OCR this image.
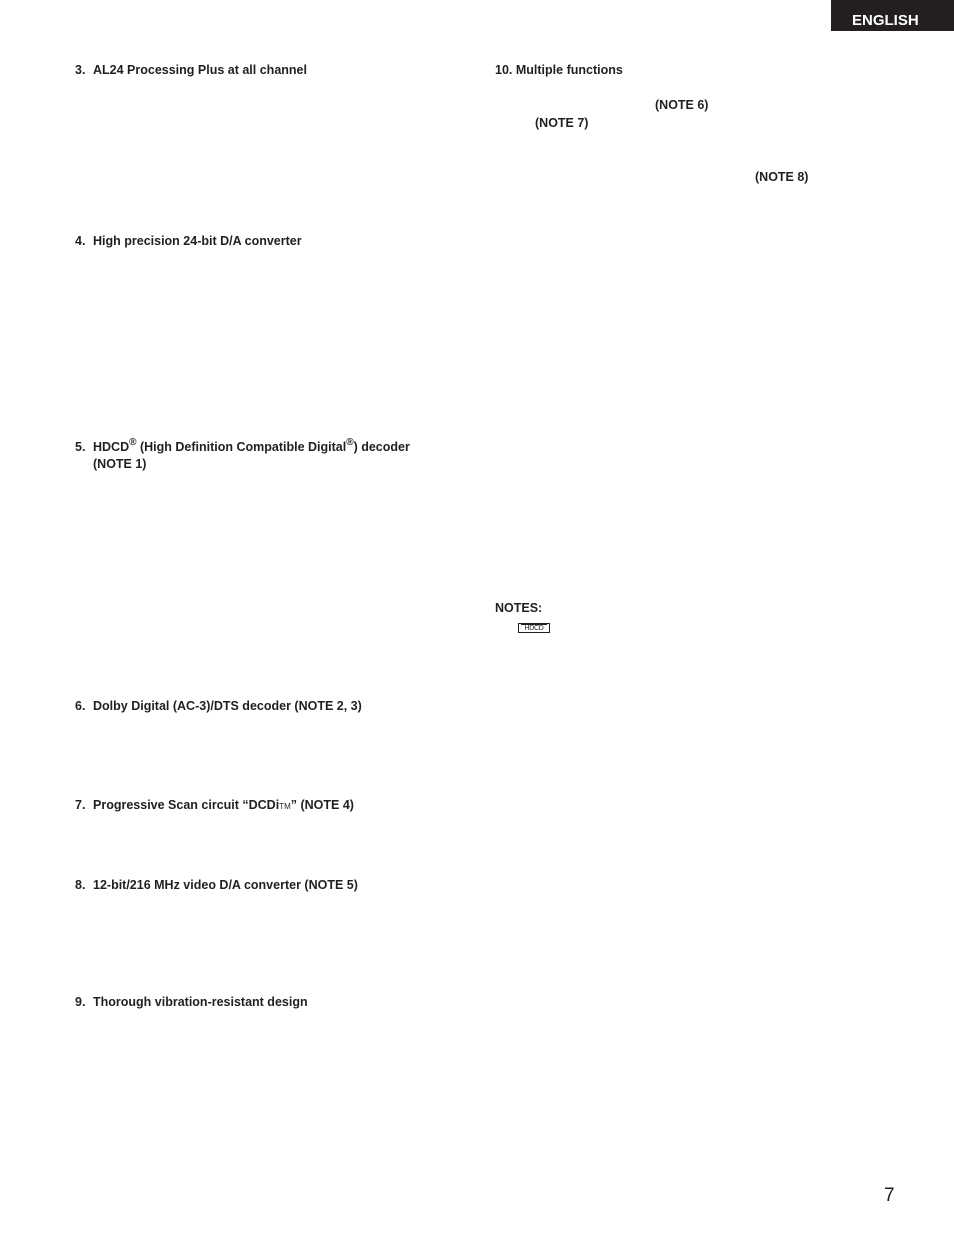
ENGLISH
3. AL24 Processing Plus at all channel
4. High precision 24-bit D/A converter
5. HDCD® (High Definition Compatible Digital®) decoder
(NOTE 1)
6. Dolby Digital (AC-3)/DTS decoder (NOTE 2, 3)
7. Progressive Scan circuit “DCDiTM” (NOTE 4)
8. 12-bit/216 MHz video D/A converter (NOTE 5)
9. Thorough vibration-resistant design
10. Multiple functions
(NOTE 6)
(NOTE 7)
(NOTE 8)
NOTES:
HDCD
7
